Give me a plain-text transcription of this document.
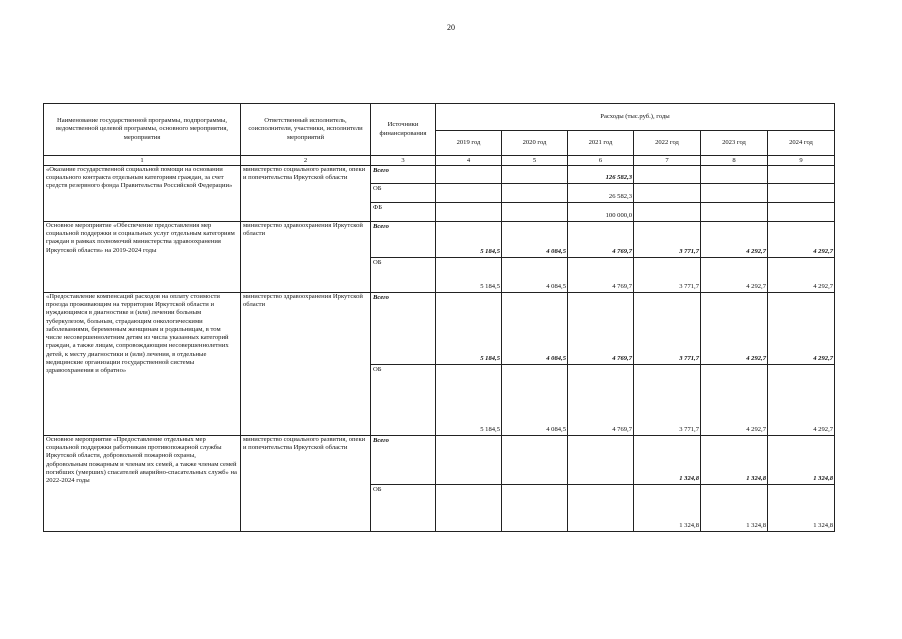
20
Наименование государственной программы, подпрограммы, ведомственной целевой программы, основного мероприятия, мероприятия	Ответственный исполнитель, соисполнители, участники, исполнители мероприятий	Источники финансирования	Расходы (тыс.руб.), годы					
			2019 год	2020 год	2021 год	2022 год	2023 год	2024 год
1	2	3	4	5	6	7	8	9
«Оказание государственной социальной помощи на основании социального контракта отдельным категориям граждан, за счет средств резервного фонда Правительства Российской Федерации»	министерство социального развития, опеки и попечительства Иркутской области	Всего			126 582,3			
		ОБ			26 582,3			
		ФБ			100 000,0			
Основное мероприятие «Обеспечение предоставления мер социальной поддержки и социальных услуг отдельным категориям граждан в рамках полномочий министерства здравоохранения Иркутской области» на 2019-2024 годы	министерство здравоохранения Иркутской области	Всего	5 184,5	4 084,5	4 769,7	3 771,7	4 292,7	4 292,7
		ОБ	5 184,5	4 084,5	4 769,7	3 771,7	4 292,7	4 292,7
«Предоставление компенсаций расходов на оплату стоимости проезда проживающим на территории Иркутской области и нуждающимся в диагностике и (или) лечении больным туберкулезом, больным, страдающим онкологическими заболеваниями, беременным женщинам и родильницам, в том числе несовершеннолетним детям из числа указанных категорий граждан, а также лицам, сопровождающим несовершеннолетних детей, к месту диагностики и (или) лечения, в отдельные медицинские организации государственной системы здравоохранения и обратно»	министерство здравоохранения Иркутской области	Всего	5 184,5	4 084,5	4 769,7	3 771,7	4 292,7	4 292,7
		ОБ	5 184,5	4 084,5	4 769,7	3 771,7	4 292,7	4 292,7
Основное мероприятие «Предоставление отдельных мер социальной поддержки работникам противопожарной службы Иркутской области, добровольной пожарной охраны, добровольным пожарным и членам их семей, а также членам семей погибших (умерших) спасателей аварийно-спасательных служб» на 2022-2024 годы	министерство социального развития, опеки и попечительства Иркутской области	Всего				1 324,8	1 324,8	1 324,8
		ОБ				1 324,8	1 324,8	1 324,8
